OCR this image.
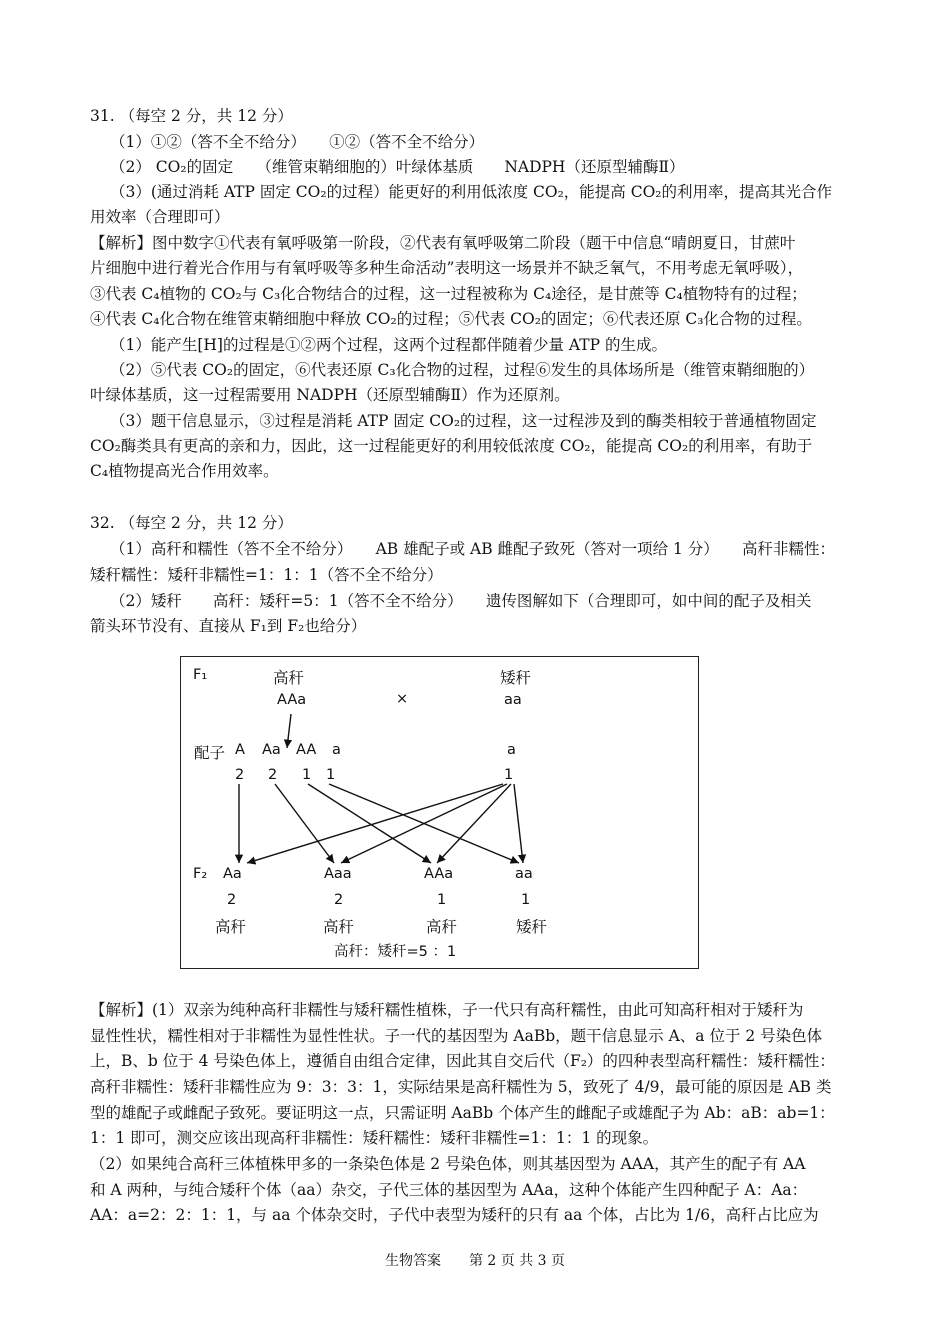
31. （每空 2 分，共 12 分）
（1）①②（答不全不给分）　　①②（答不全不给分）
（2） CO₂的固定　　（维管束鞘细胞的）叶绿体基质　　NADPH（还原型辅酶Ⅱ）
（3）(通过消耗 ATP 固定 CO₂的过程）能更好的利用低浓度 CO₂，能提高 CO₂的利用率，提高其光合作
用效率（合理即可）
【解析】图中数字①代表有氧呼吸第一阶段，②代表有氧呼吸第二阶段（题干中信息“晴朗夏日，甘蔗叶
片细胞中进行着光合作用与有氧呼吸等多种生命活动”表明这一场景并不缺乏氧气，不用考虑无氧呼吸），
③代表 C₄植物的 CO₂与 C₃化合物结合的过程，这一过程被称为 C₄途径，是甘蔗等 C₄植物特有的过程；
④代表 C₄化合物在维管束鞘细胞中释放 CO₂的过程；⑤代表 CO₂的固定；⑥代表还原 C₃化合物的过程。
（1）能产生[H]的过程是①②两个过程，这两个过程都伴随着少量 ATP 的生成。
（2）⑤代表 CO₂的固定，⑥代表还原 C₃化合物的过程，过程⑥发生的具体场所是（维管束鞘细胞的）
叶绿体基质，这一过程需要用 NADPH（还原型辅酶Ⅱ）作为还原剂。
（3）题干信息显示，③过程是消耗 ATP 固定 CO₂的过程，这一过程涉及到的酶类相较于普通植物固定
CO₂酶类具有更高的亲和力，因此，这一过程能更好的利用较低浓度 CO₂，能提高 CO₂的利用率，有助于
C₄植物提高光合作用效率。
32. （每空 2 分，共 12 分）
（1）高秆和糯性（答不全不给分）　　AB 雄配子或 AB 雌配子致死（答对一项给 1 分）　　高秆非糯性：
矮秆糯性：矮秆非糯性=1：1：1（答不全不给分）
（2）矮秆　　高秆：矮秆=5：1（答不全不给分）　　遗传图解如下（合理即可，如中间的配子及相关
箭头环节没有、直接从 F₁到 F₂也给分）
F₁	高秆	矮秆
AAa	×	aa
配子 A Aa AA a	a
2 2 1 1	1
F₂ Aa	Aaa	AAa	aa
2	2	1	1
高秆	高秆	高秆	矮秆
高秆：矮秆=5 ：1
【解析】(1）双亲为纯种高秆非糯性与矮秆糯性植株，子一代只有高秆糯性，由此可知高秆相对于矮秆为
显性性状，糯性相对于非糯性为显性性状。子一代的基因型为 AaBb，题干信息显示 A、a 位于 2 号染色体
上，B、b 位于 4 号染色体上，遵循自由组合定律，因此其自交后代（F₂）的四种表型高秆糯性：矮秆糯性：
高秆非糯性：矮秆非糯性应为 9：3：3：1，实际结果是高秆糯性为 5，致死了 4/9，最可能的原因是 AB 类
型的雄配子或雌配子致死。要证明这一点，只需证明 AaBb 个体产生的雌配子或雄配子为 Ab：aB：ab=1：
1：1 即可，测交应该出现高秆非糯性：矮秆糯性：矮秆非糯性=1：1：1 的现象。
（2）如果纯合高秆三体植株甲多的一条染色体是 2 号染色体，则其基因型为 AAA，其产生的配子有 AA
和 A 两种，与纯合矮秆个体（aa）杂交，子代三体的基因型为 AAa，这种个体能产生四种配子 A：Aa：
AA：a=2：2：1：1，与 aa 个体杂交时，子代中表型为矮秆的只有 aa 个体，占比为 1/6，高秆占比应为
生物答案　　第 2 页 共 3 页
